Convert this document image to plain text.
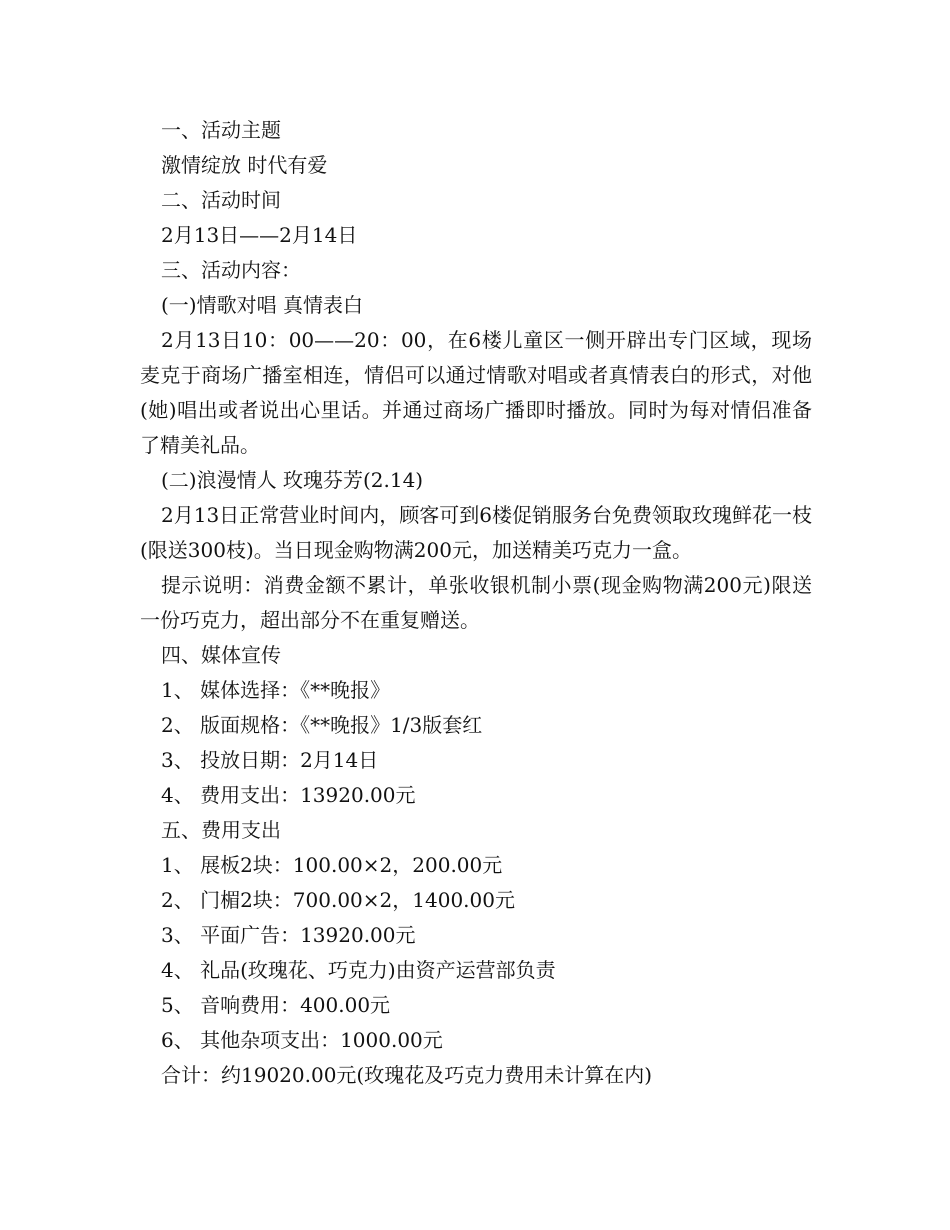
一、活动主题

激情绽放 时代有爱

二、活动时间

2月13日——2月14日

三、活动内容：

(一)情歌对唱 真情表白

2月13日10：00——20：00，在6楼儿童区一侧开辟出专门区域，现场麦克于商场广播室相连，情侣可以通过情歌对唱或者真情表白的形式，对他(她)唱出或者说出心里话。并通过商场广播即时播放。同时为每对情侣准备了精美礼品。

(二)浪漫情人 玫瑰芬芳(2.14)

2月13日正常营业时间内，顾客可到6楼促销服务台免费领取玫瑰鲜花一枝(限送300枝)。当日现金购物满200元，加送精美巧克力一盒。

提示说明：消费金额不累计，单张收银机制小票(现金购物满200元)限送一份巧克力，超出部分不在重复赠送。

四、媒体宣传

1、 媒体选择：《**晚报》

2、 版面规格：《**晚报》1/3版套红

3、 投放日期：2月14日

4、 费用支出：13920.00元

五、费用支出

1、 展板2块：100.00×2，200.00元

2、 门楣2块：700.00×2，1400.00元

3、 平面广告：13920.00元

4、 礼品(玫瑰花、巧克力)由资产运营部负责

5、 音响费用：400.00元

6、 其他杂项支出：1000.00元

合计：约19020.00元(玫瑰花及巧克力费用未计算在内)
